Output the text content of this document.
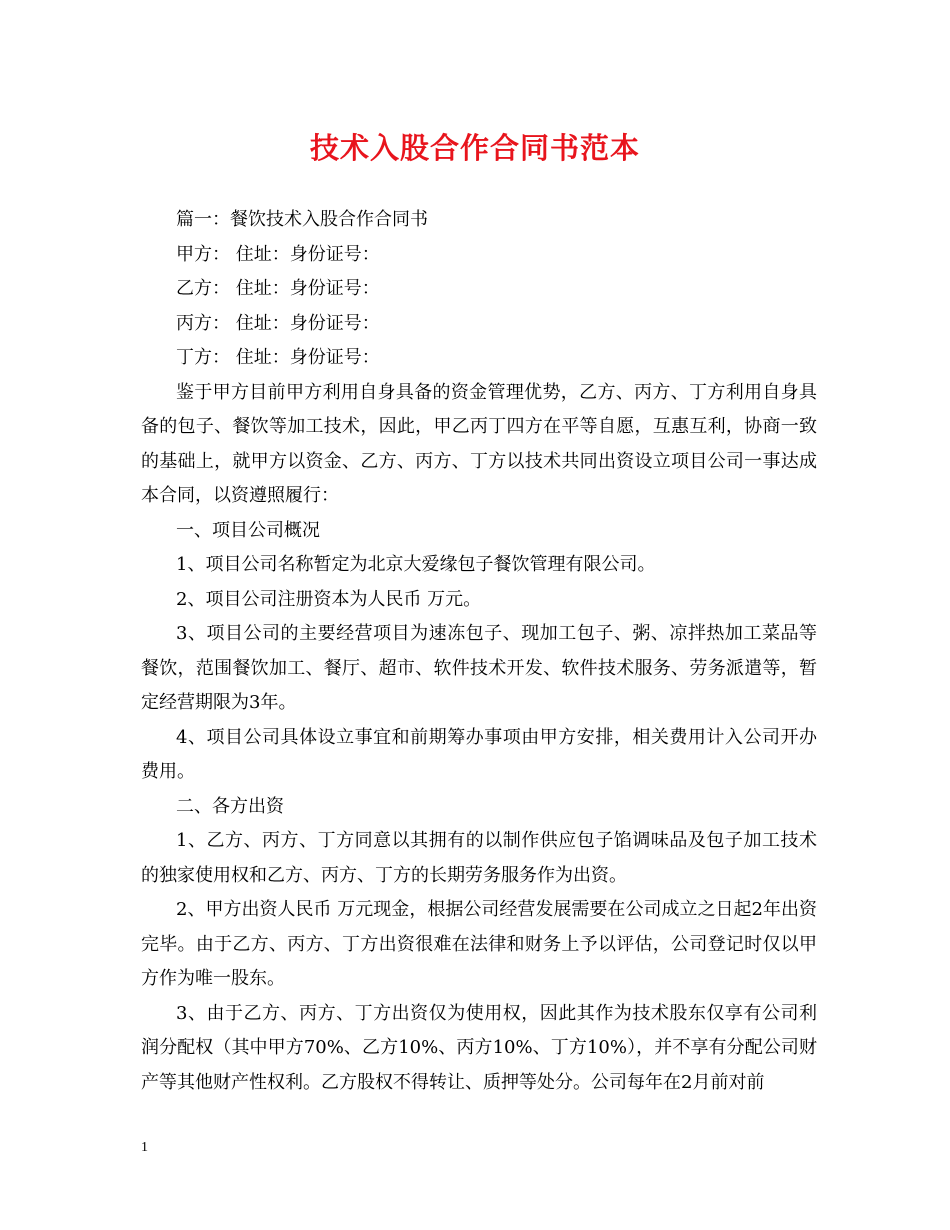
技术入股合作合同书范本

篇一：餐饮技术入股合作合同书

甲方： 住址：身份证号：

乙方： 住址：身份证号：

丙方： 住址：身份证号：

丁方： 住址：身份证号：

鉴于甲方目前甲方利用自身具备的资金管理优势，乙方、丙方、丁方利用自身具备的包子、餐饮等加工技术，因此，甲乙丙丁四方在平等自愿，互惠互利，协商一致的基础上，就甲方以资金、乙方、丙方、丁方以技术共同出资设立项目公司一事达成本合同，以资遵照履行：

一、项目公司概况

1、项目公司名称暂定为北京大爱缘包子餐饮管理有限公司。

2、项目公司注册资本为人民币 万元。

3、项目公司的主要经营项目为速冻包子、现加工包子、粥、凉拌热加工菜品等餐饮，范围餐饮加工、餐厅、超市、软件技术开发、软件技术服务、劳务派遣等，暂定经营期限为3年。

4、项目公司具体设立事宜和前期筹办事项由甲方安排，相关费用计入公司开办费用。

二、各方出资

1、乙方、丙方、丁方同意以其拥有的以制作供应包子馅调味品及包子加工技术的独家使用权和乙方、丙方、丁方的长期劳务服务作为出资。

2、甲方出资人民币 万元现金，根据公司经营发展需要在公司成立之日起2年出资完毕。由于乙方、丙方、丁方出资很难在法律和财务上予以评估，公司登记时仅以甲方作为唯一股东。

3、由于乙方、丙方、丁方出资仅为使用权，因此其作为技术股东仅享有公司利润分配权（其中甲方70%、乙方10%、丙方10%、丁方10%），并不享有分配公司财产等其他财产性权利。乙方股权不得转让、质押等处分。公司每年在2月前对前

1
